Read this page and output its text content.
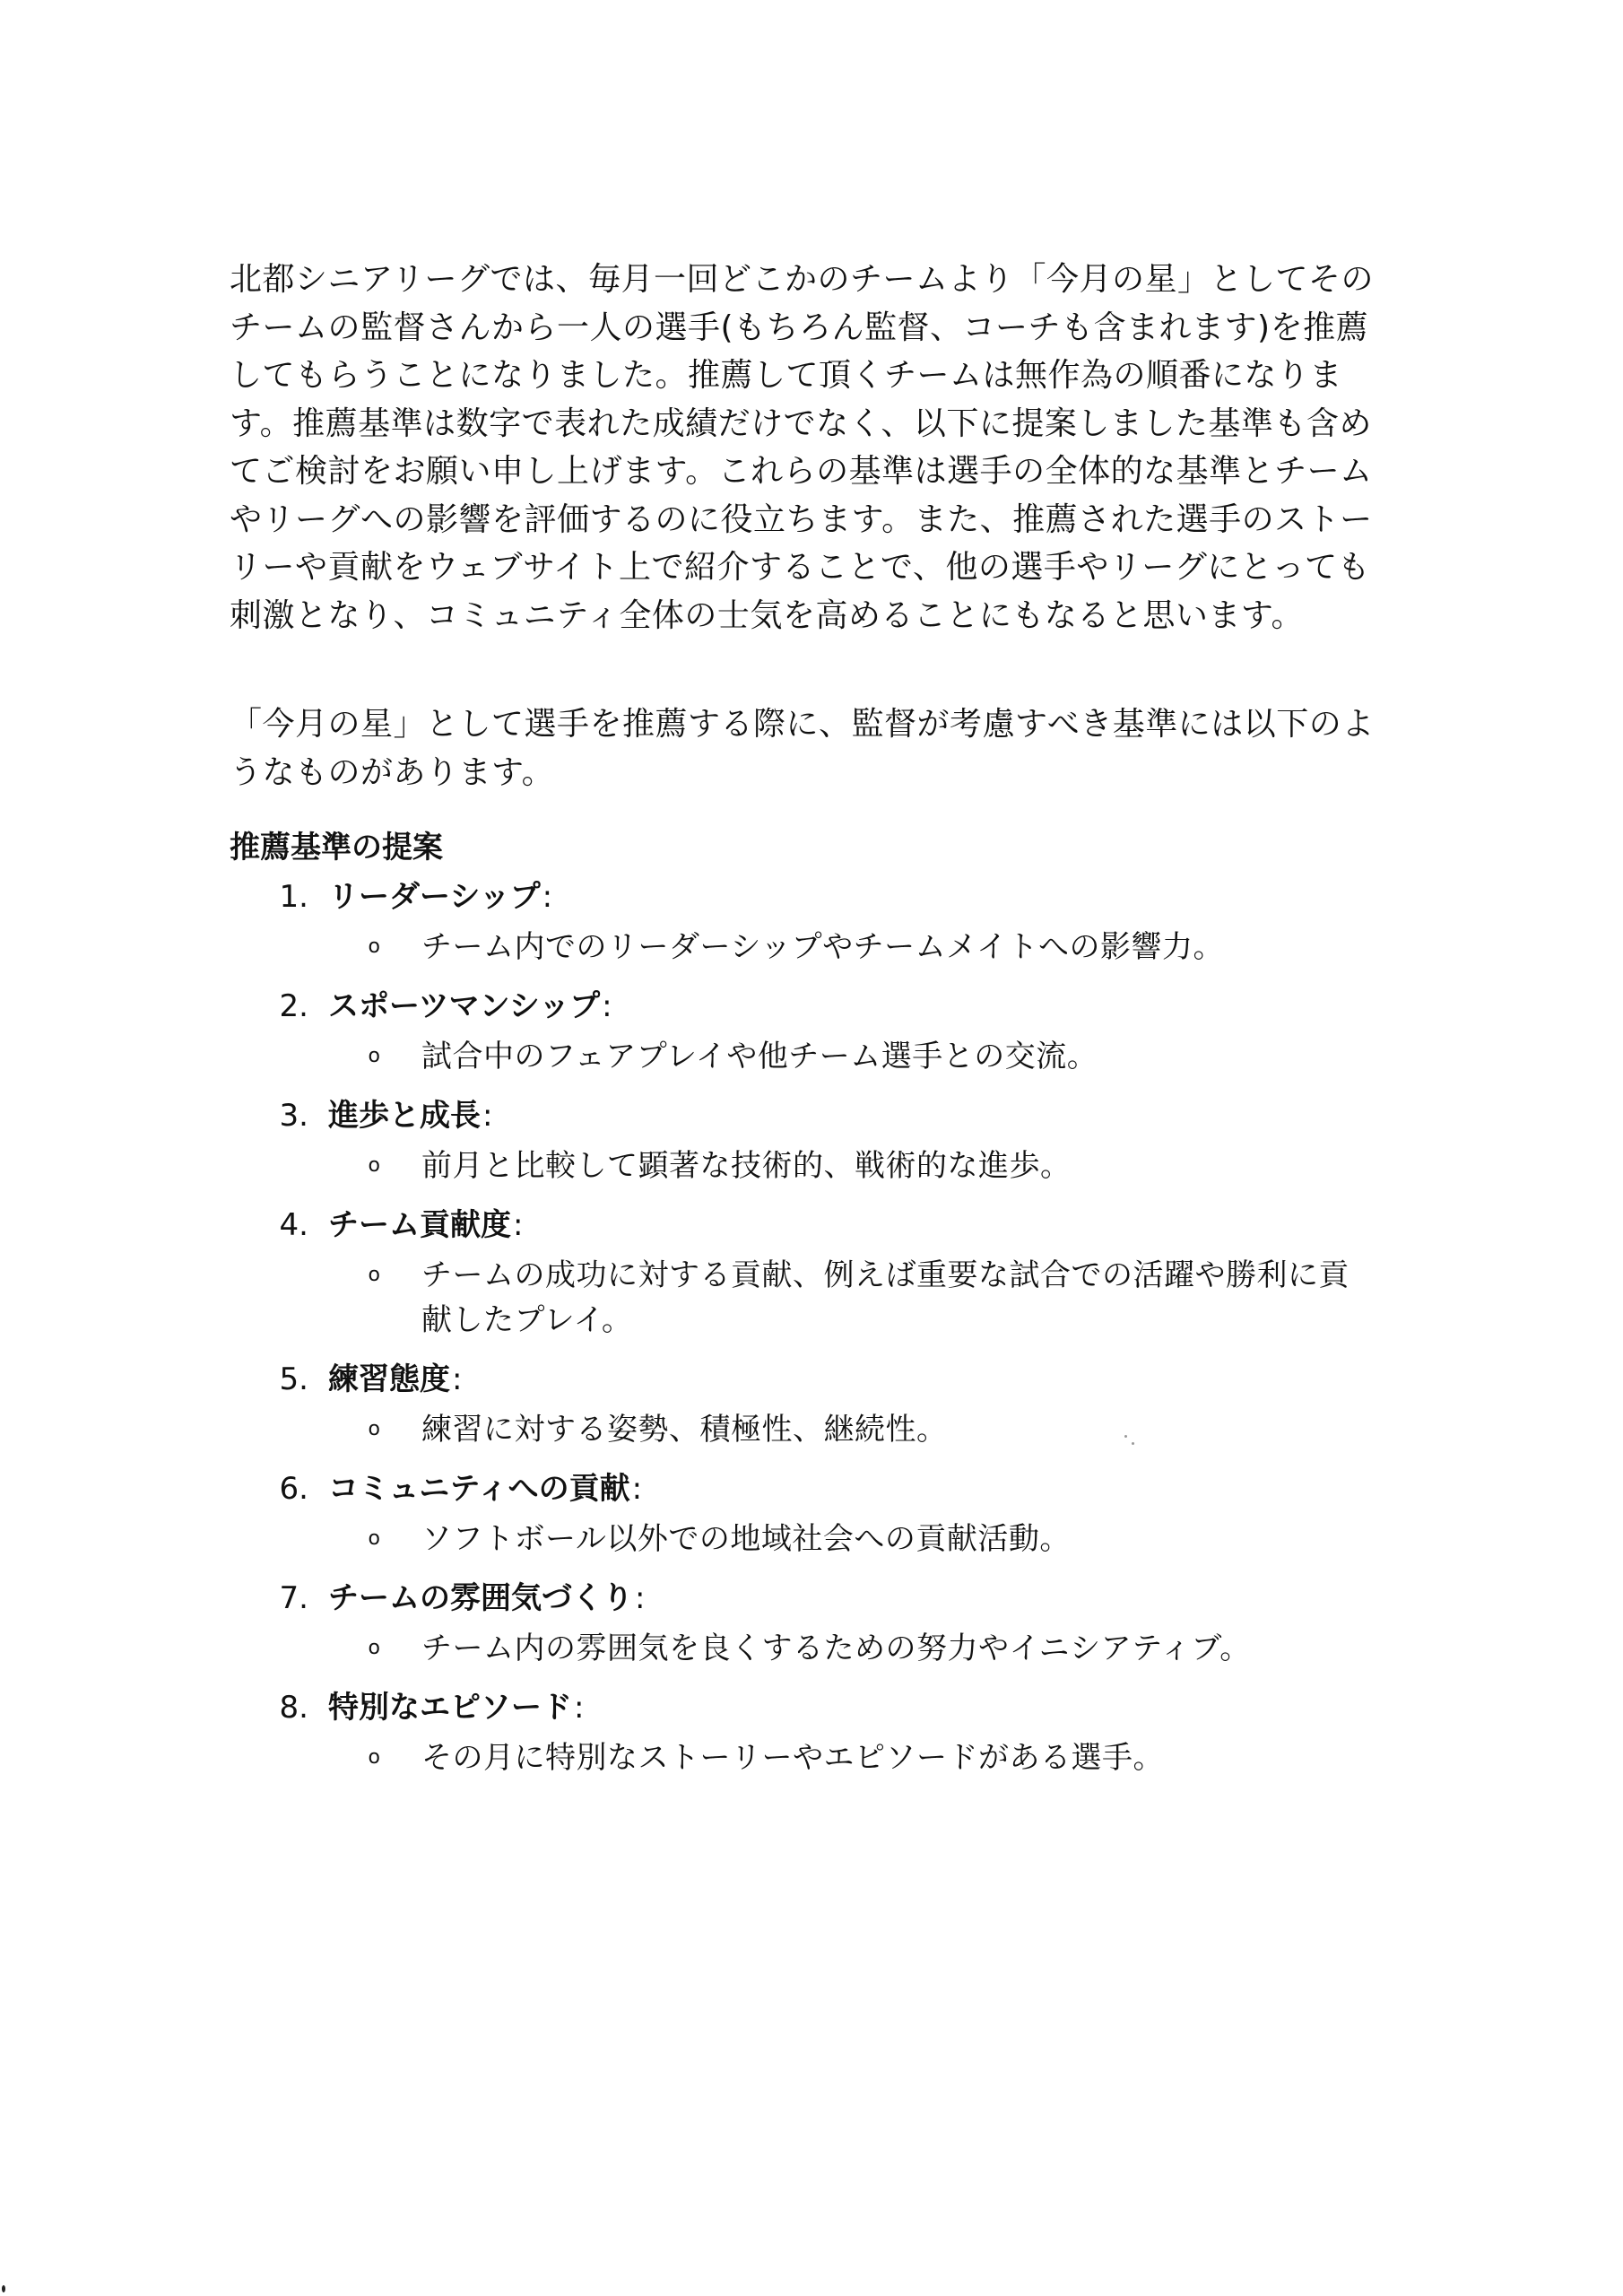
北都シニアリーグでは、毎月一回どこかのチームより「今月の星」としてそのチームの監督さんから一人の選手(もちろん監督、コーチも含まれます)を推薦してもらうことになりました。推薦して頂くチームは無作為の順番になります。推薦基準は数字で表れた成績だけでなく、以下に提案しました基準も含めてご検討をお願い申し上げます。これらの基準は選手の全体的な基準とチームやリーグへの影響を評価するのに役立ちます。また、推薦された選手のストーリーや貢献をウェブサイト上で紹介することで、他の選手やリーグにとっても刺激となり、コミュニティ全体の士気を高めることにもなると思います。

「今月の星」として選手を推薦する際に、監督が考慮すべき基準には以下のようなものがあります。

推薦基準の提案
1. リーダーシップ :
o	チーム内でのリーダーシップやチームメイトへの影響力。
2. スポーツマンシップ :
o	試合中のフェアプレイや他チーム選手との交流。
3. 進歩と成長 :
o	前月と比較して顕著な技術的、戦術的な進歩。
4. チーム貢献度 :
o	チームの成功に対する貢献、例えば重要な試合での活躍や勝利に貢献したプレイ。
5. 練習態度 :
o	練習に対する姿勢、積極性、継続性。
6. コミュニティへの貢献 :
o	ソフトボール以外での地域社会への貢献活動。
7. チームの雰囲気づくり :
o	チーム内の雰囲気を良くするための努力やイニシアティブ。
8. 特別なエピソード :
o	その月に特別なストーリーやエピソードがある選手。
